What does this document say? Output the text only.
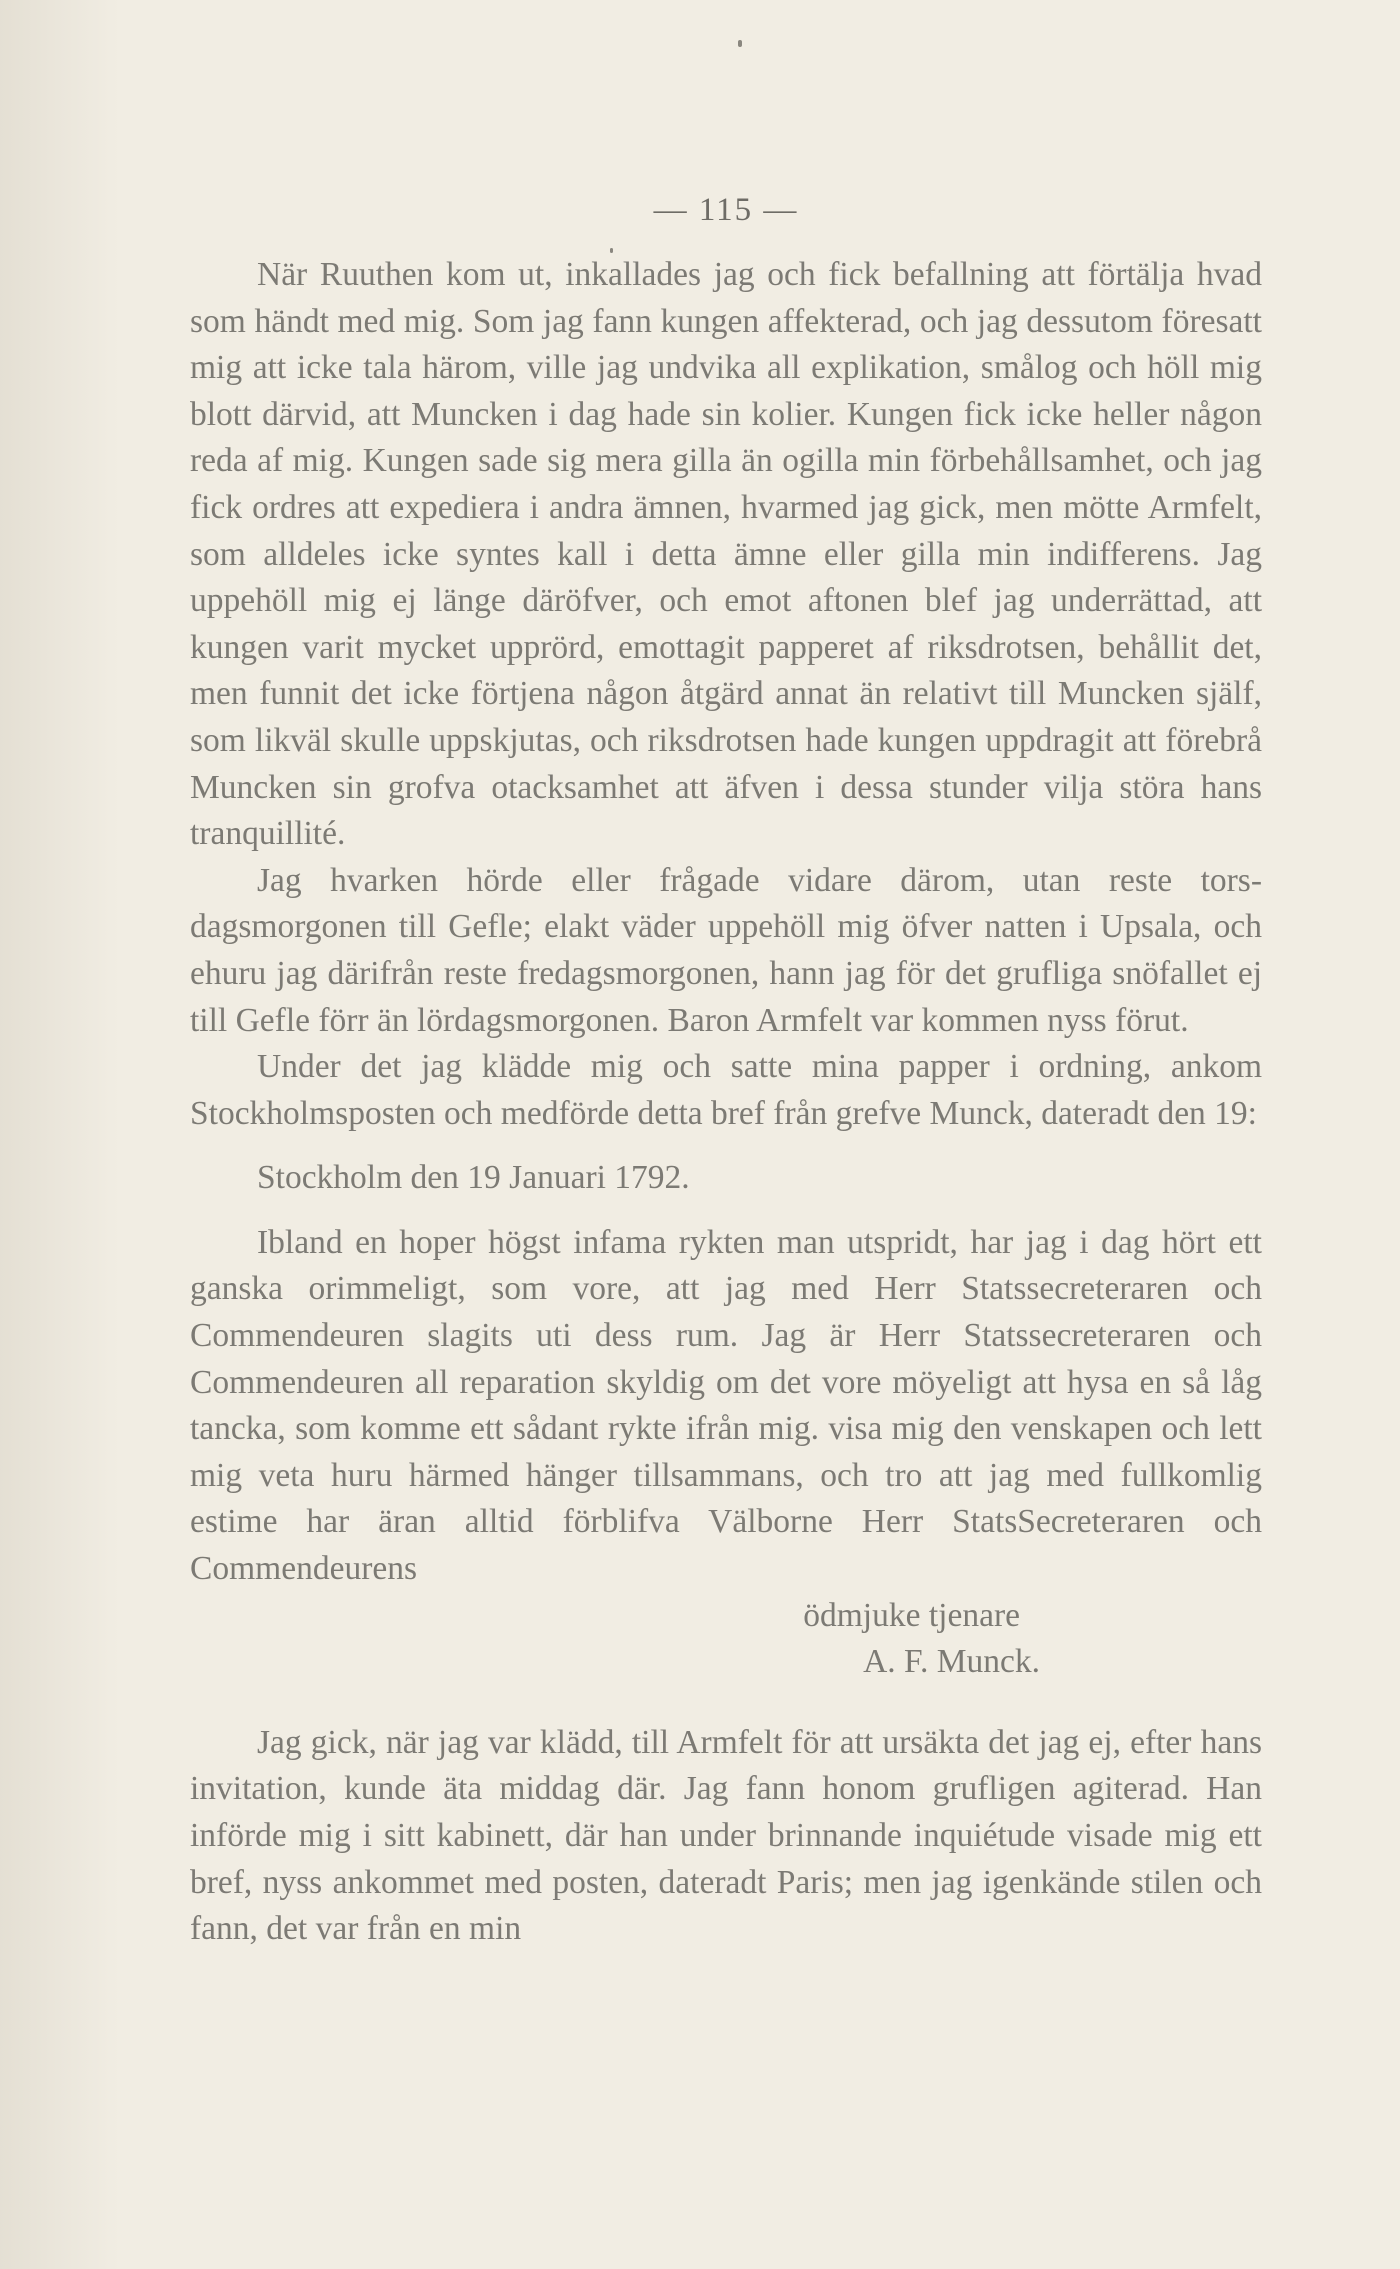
— 115 —

När Ruuthen kom ut, inkallades jag och fick befallning att förtälja hvad som händt med mig. Som jag fann kungen affekterad, och jag dessutom föresatt mig att icke tala härom, ville jag undvika all explikation, smålog och höll mig blott därvid, att Muncken i dag hade sin kolier. Kungen fick icke heller någon reda af mig. Kungen sade sig mera gilla än ogilla min förbehållsamhet, och jag fick ordres att expediera i andra ämnen, hvarmed jag gick, men mötte Armfelt, som alldeles icke syntes kall i detta ämne eller gilla min indifferens. Jag uppehöll mig ej länge däröfver, och emot aftonen blef jag underrättad, att kungen varit mycket upprörd, emottagit papperet af riksdrotsen, behållit det, men funnit det icke förtjena någon åtgärd annat än relativt till Muncken själf, som likväl skulle uppskjutas, och riksdrotsen hade kungen uppdragit att förebrå Muncken sin grofva otacksamhet att äfven i dessa stunder vilja störa hans tranquillité.

Jag hvarken hörde eller frågade vidare därom, utan reste torsdagsmorgonen till Gefle; elakt väder uppehöll mig öfver natten i Upsala, och ehuru jag därifrån reste fredagsmorgonen, hann jag för det grufliga snöfallet ej till Gefle förr än lördagsmorgonen. Baron Armfelt var kommen nyss förut.

Under det jag klädde mig och satte mina papper i ordning, ankom Stockholmsposten och medförde detta bref från grefve Munck, dateradt den 19:

Stockholm den 19 Januari 1792.

Ibland en hoper högst infama rykten man utspridt, har jag i dag hört ett ganska orimmeligt, som vore, att jag med Herr Statssecreteraren och Commendeuren slagits uti dess rum. Jag är Herr Statssecreteraren och Commendeuren all reparation skyldig om det vore möyeligt att hysa en så låg tancka, som komme ett sådant rykte ifrån mig. visa mig den venskapen och lett mig veta huru härmed hänger tillsammans, och tro att jag med fullkomlig estime har äran alltid förblifva Välborne Herr StatsSecreteraren och Commendeurens

ödmjuke tjenare

A. F. Munck.

Jag gick, när jag var klädd, till Armfelt för att ursäkta det jag ej, efter hans invitation, kunde äta middag där. Jag fann honom grufligen agiterad. Han införde mig i sitt kabinett, där han under brinnande inquiétude visade mig ett bref, nyss ankommet med posten, dateradt Paris; men jag igenkände stilen och fann, det var från en min
